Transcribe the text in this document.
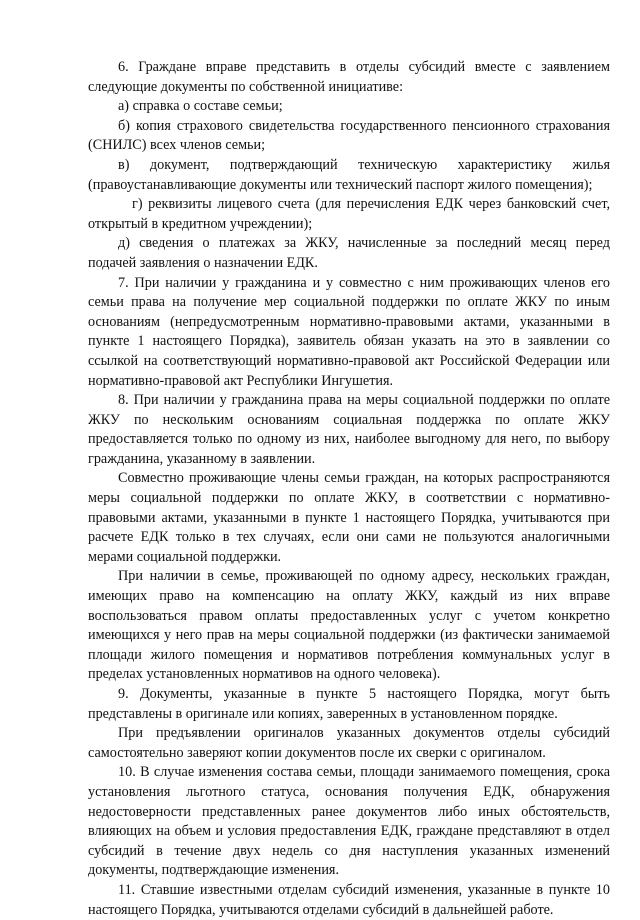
6. Граждане вправе представить в отделы субсидий вместе с заявлением
следующие документы по собственной инициативе:
а) справка о составе семьи;
б) копия страхового свидетельства государственного пенсионного страхования
(СНИЛС) всех членов семьи;
в) документ, подтверждающий техническую характеристику жилья
(правоустанавливающие документы или технический паспорт жилого помещения);
г) реквизиты лицевого счета (для перечисления ЕДК через банковский счет,
открытый в кредитном учреждении);
д) сведения о платежах за ЖКУ, начисленные за последний месяц перед
подачей заявления о назначении ЕДК.
7. При наличии у гражданина и у совместно с ним проживающих членов его
семьи права на получение мер социальной поддержки по оплате ЖКУ по иным
основаниям (непредусмотренным нормативно-правовыми актами, указанными в
пункте 1 настоящего Порядка), заявитель обязан указать на это в заявлении со
ссылкой на соответствующий нормативно-правовой акт Российской Федерации или
нормативно-правовой акт Республики Ингушетия.
8. При наличии у гражданина права на меры социальной поддержки по оплате
ЖКУ по нескольким основаниям социальная поддержка по оплате ЖКУ
предоставляется только по одному из них, наиболее выгодному для него, по выбору
гражданина, указанному в заявлении.
Совместно проживающие члены семьи граждан, на которых распространяются
меры социальной поддержки по оплате ЖКУ, в соответствии с нормативно-
правовыми актами, указанными в пункте 1 настоящего Порядка, учитываются при
расчете ЕДК только в тех случаях, если они сами не пользуются аналогичными
мерами социальной поддержки.
При наличии в семье, проживающей по одному адресу, нескольких граждан,
имеющих право на компенсацию на оплату ЖКУ, каждый из них вправе
воспользоваться правом оплаты предоставленных услуг с учетом конкретно
имеющихся у него прав на меры социальной поддержки (из фактически занимаемой
площади жилого помещения и нормативов потребления коммунальных услуг в
пределах установленных нормативов на одного человека).
9. Документы, указанные в пункте 5 настоящего Порядка, могут быть
представлены в оригинале или копиях, заверенных в установленном порядке.
При предъявлении оригиналов указанных документов отделы субсидий
самостоятельно заверяют копии документов после их сверки с оригиналом.
10. В случае изменения состава семьи, площади занимаемого помещения, срока
установления льготного статуса, основания получения ЕДК, обнаружения
недостоверности представленных ранее документов либо иных обстоятельств,
влияющих на объем и условия предоставления ЕДК, граждане представляют в отдел
субсидий в течение двух недель со дня наступления указанных изменений
документы, подтверждающие изменения.
11. Ставшие известными отделам субсидий изменения, указанные в пункте 10
настоящего Порядка, учитываются отделами субсидий в дальнейшей работе.
